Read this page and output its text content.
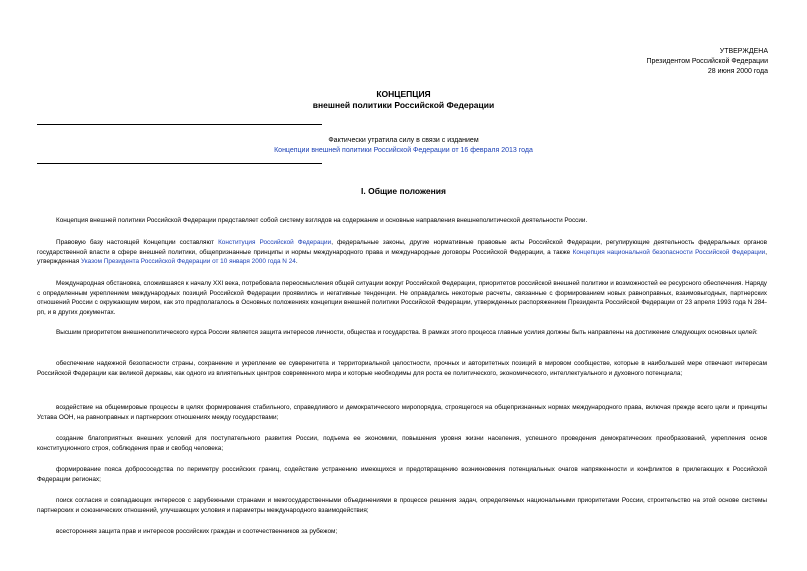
УТВЕРЖДЕНА
Президентом Российской Федерации
28 июня 2000 года
КОНЦЕПЦИЯ
внешней политики Российской Федерации
Фактически утратила силу в связи с изданием
Концепции внешней политики Российской Федерации от 16 февраля 2013 года
I. Общие положения
Концепция внешней политики Российской Федерации представляет собой систему взглядов на содержание и основные направления внешнеполитической деятельности России.
Правовую базу настоящей Концепции составляют Конституция Российской Федерации, федеральные законы, другие нормативные правовые акты Российской Федерации, регулирующие деятельность федеральных органов государственной власти в сфере внешней политики, общепризнанные принципы и нормы международного права и международные договоры Российской Федерации, а также Концепция национальной безопасности Российской Федерации, утвержденная Указом Президента Российской Федерации от 10 января 2000 года N 24.
Международная обстановка, сложившаяся к началу XXI века, потребовала переосмысления общей ситуации вокруг Российской Федерации, приоритетов российской внешней политики и возможностей ее ресурсного обеспечения. Наряду с определенным укреплением международных позиций Российской Федерации проявились и негативные тенденции. Не оправдались некоторые расчеты, связанные с формированием новых равноправных, взаимовыгодных, партнерских отношений России с окружающим миром, как это предполагалось в Основных положениях концепции внешней политики Российской Федерации, утвержденных распоряжением Президента Российской Федерации от 23 апреля 1993 года N 284-рп, и в других документах.
Высшим приоритетом внешнеполитического курса России является защита интересов личности, общества и государства. В рамках этого процесса главные усилия должны быть направлены на достижение следующих основных целей:
обеспечение надежной безопасности страны, сохранение и укрепление ее суверенитета и территориальной целостности, прочных и авторитетных позиций в мировом сообществе, которые в наибольшей мере отвечают интересам Российской Федерации как великой державы, как одного из влиятельных центров современного мира и которые необходимы для роста ее политического, экономического, интеллектуального и духовного потенциала;
воздействие на общемировые процессы в целях формирования стабильного, справедливого и демократического миропорядка, строящегося на общепризнанных нормах международного права, включая прежде всего цели и принципы Устава ООН, на равноправных и партнерских отношениях между государствами;
создание благоприятных внешних условий для поступательного развития России, подъема ее экономики, повышения уровня жизни населения, успешного проведения демократических преобразований, укрепления основ конституционного строя, соблюдения прав и свобод человека;
формирование пояса добрососедства по периметру российских границ, содействие устранению имеющихся и предотвращению возникновения потенциальных очагов напряженности и конфликтов в прилегающих к Российской Федерации регионах;
поиск согласия и совпадающих интересов с зарубежными странами и межгосударственными объединениями в процессе решения задач, определяемых национальными приоритетами России, строительство на этой основе системы партнерских и союзнических отношений, улучшающих условия и параметры международного взаимодействия;
всесторонняя защита прав и интересов российских граждан и соотечественников за рубежом;
